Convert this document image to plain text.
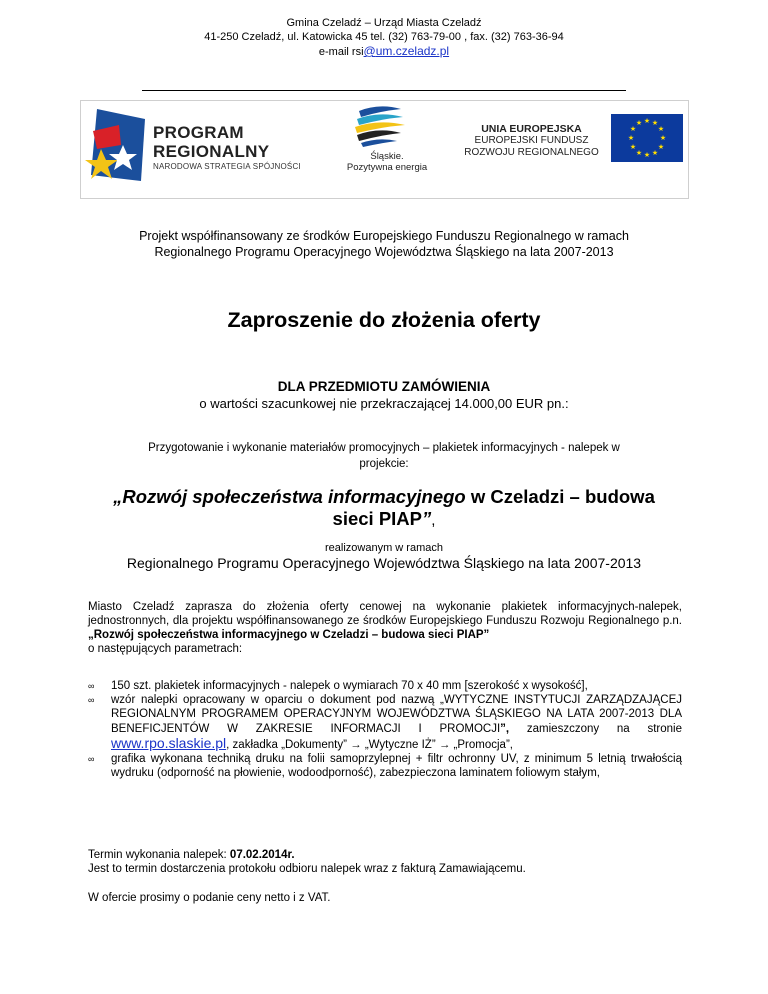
Gmina Czeladź – Urząd Miasta Czeladź
41-250 Czeladź, ul. Katowicka 45 tel. (32) 763-79-00 , fax. (32) 763-36-94
e-mail rsi@um.czeladz.pl
PROGRAM
REGIONALNY
NARODOWA STRATEGIA SPÓJNOŚCI
Śląskie.
Pozytywna energia
UNIA EUROPEJSKA
EUROPEJSKI FUNDUSZ
ROZWOJU REGIONALNEGO
★ ★
★
★
★
★
★
★
★
★
★
★
Projekt współfinansowany ze środków Europejskiego Funduszu Regionalnego w ramach
Regionalnego Programu Operacyjnego Województwa Śląskiego na lata 2007-2013
Zaproszenie do złożenia oferty
DLA PRZEDMIOTU ZAMÓWIENIA
o wartości szacunkowej nie przekraczającej 14.000,00 EUR pn.:
Przygotowanie i wykonanie materiałów promocyjnych – plakietek informacyjnych - nalepek w
projekcie:
„Rozwój społeczeństwa informacyjnego w Czeladzi – budowa
sieci PIAP”,
realizowanym w ramach
Regionalnego Programu Operacyjnego Województwa Śląskiego na lata 2007-2013
Miasto Czeladź zaprasza do złożenia oferty cenowej na wykonanie plakietek informacyjnych-nalepek, jednostronnych, dla projektu współfinansowanego ze środków Europejskiego Funduszu Rozwoju Regionalnego p.n. „Rozwój społeczeństwa informacyjnego w Czeladzi – budowa sieci PIAP”
o następujących parametrach:
∞ 150 szt. plakietek informacyjnych - nalepek o wymiarach 70 x 40 mm [szerokość x wysokość],
∞ wzór nalepki opracowany w oparciu o dokument pod nazwą „WYTYCZNE INSTYTUCJI ZARZĄDZAJĄCEJ REGIONALNYM PROGRAMEM OPERACYJNYM WOJEWÓDZTWA ŚLĄSKIEGO NA LATA 2007-2013 DLA BENEFICJENTÓW W ZAKRESIE INFORMACJI I PROMOCJI”, zamieszczony na stronie www.rpo.slaskie.pl, zakładka „Dokumenty” → „Wytyczne IŻ” → „Promocja”,
∞ grafika wykonana techniką druku na folii samoprzylepnej + filtr ochronny UV, z minimum 5 letnią trwałością wydruku (odporność na płowienie, wodoodporność), zabezpieczona laminatem foliowym stałym,
Termin wykonania nalepek: 07.02.2014r.
Jest to termin dostarczenia protokołu odbioru nalepek wraz z fakturą Zamawiającemu.
W ofercie prosimy o podanie ceny netto i z VAT.
